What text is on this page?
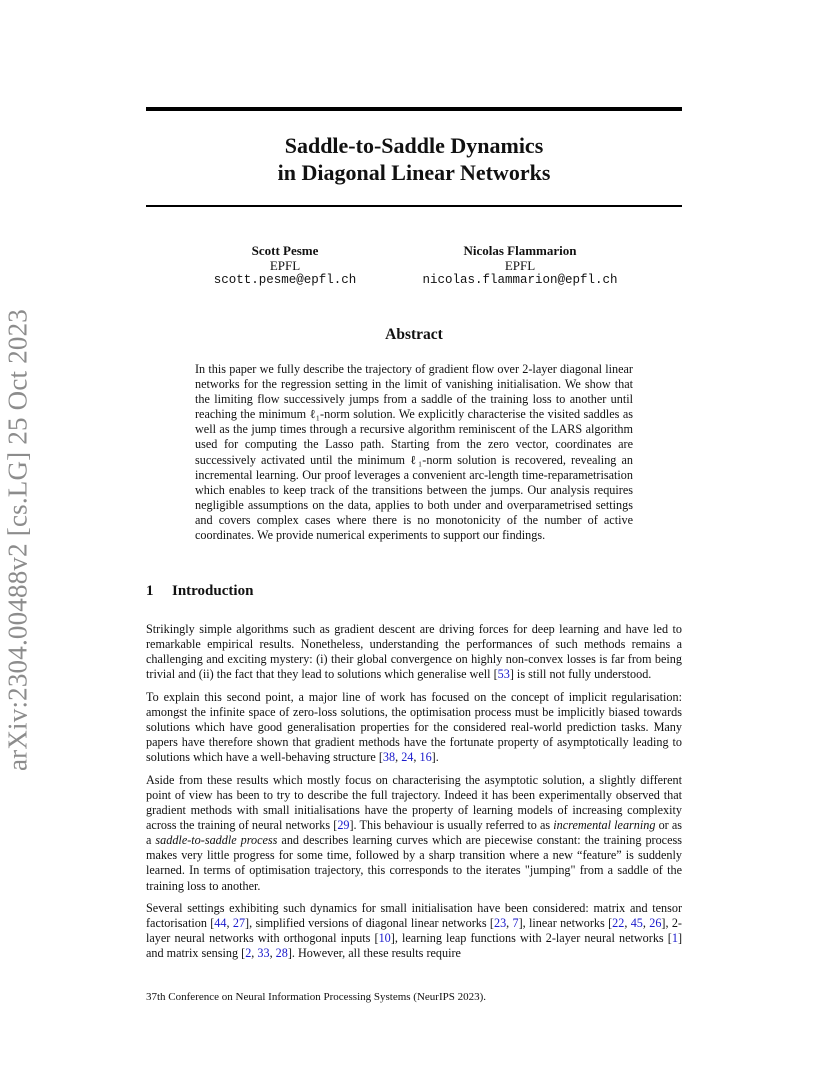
arXiv:2304.00488v2 [cs.LG] 25 Oct 2023
Saddle-to-Saddle Dynamics
in Diagonal Linear Networks
Scott Pesme
EPFL
scott.pesme@epfl.ch
Nicolas Flammarion
EPFL
nicolas.flammarion@epfl.ch
Abstract
In this paper we fully describe the trajectory of gradient flow over 2-layer diagonal linear networks for the regression setting in the limit of vanishing initialisation. We show that the limiting flow successively jumps from a saddle of the training loss to another until reaching the minimum ℓ₁-norm solution. We explicitly characterise the visited saddles as well as the jump times through a recursive algorithm reminiscent of the LARS algorithm used for computing the Lasso path. Starting from the zero vector, coordinates are successively activated until the minimum ℓ₁-norm solution is recovered, revealing an incremental learning. Our proof leverages a convenient arc-length time-reparametrisation which enables to keep track of the transitions between the jumps. Our analysis requires negligible assumptions on the data, applies to both under and overparametrised settings and covers complex cases where there is no monotonicity of the number of active coordinates. We provide numerical experiments to support our findings.
1 Introduction

Strikingly simple algorithms such as gradient descent are driving forces for deep learning and have led to remarkable empirical results. Nonetheless, understanding the performances of such methods remains a challenging and exciting mystery: (i) their global convergence on highly non-convex losses is far from being trivial and (ii) the fact that they lead to solutions which generalise well [53] is still not fully understood.

To explain this second point, a major line of work has focused on the concept of implicit regularisation: amongst the infinite space of zero-loss solutions, the optimisation process must be implicitly biased towards solutions which have good generalisation properties for the considered real-world prediction tasks. Many papers have therefore shown that gradient methods have the fortunate property of asymptotically leading to solutions which have a well-behaving structure [38, 24, 16].

Aside from these results which mostly focus on characterising the asymptotic solution, a slightly different point of view has been to try to describe the full trajectory. Indeed it has been experimentally observed that gradient methods with small initialisations have the property of learning models of increasing complexity across the training of neural networks [29]. This behaviour is usually referred to as incremental learning or as a saddle-to-saddle process and describes learning curves which are piecewise constant: the training process makes very little progress for some time, followed by a sharp transition where a new “feature” is suddenly learned. In terms of optimisation trajectory, this corresponds to the iterates "jumping" from a saddle of the training loss to another.

Several settings exhibiting such dynamics for small initialisation have been considered: matrix and tensor factorisation [44, 27], simplified versions of diagonal linear networks [23, 7], linear networks [22, 45, 26], 2-layer neural networks with orthogonal inputs [10], learning leap functions with 2-layer neural networks [1] and matrix sensing [2, 33, 28]. However, all these results require

37th Conference on Neural Information Processing Systems (NeurIPS 2023).
